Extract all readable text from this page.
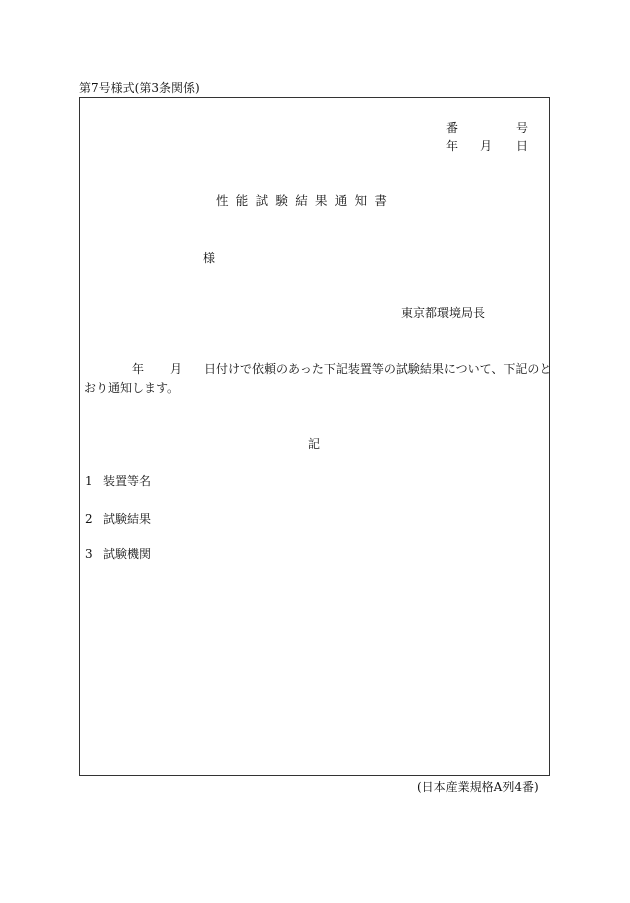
第7号様式(第3条関係)
番	号
年 月 日
性能試験結果通知書
様
東京都環境局長
年 月 日付けで依頼のあった下記装置等の試験結果について、下記のと
おり通知します。
記
1 装置等名
2 試験結果
3 試験機関
(日本産業規格A列4番)
